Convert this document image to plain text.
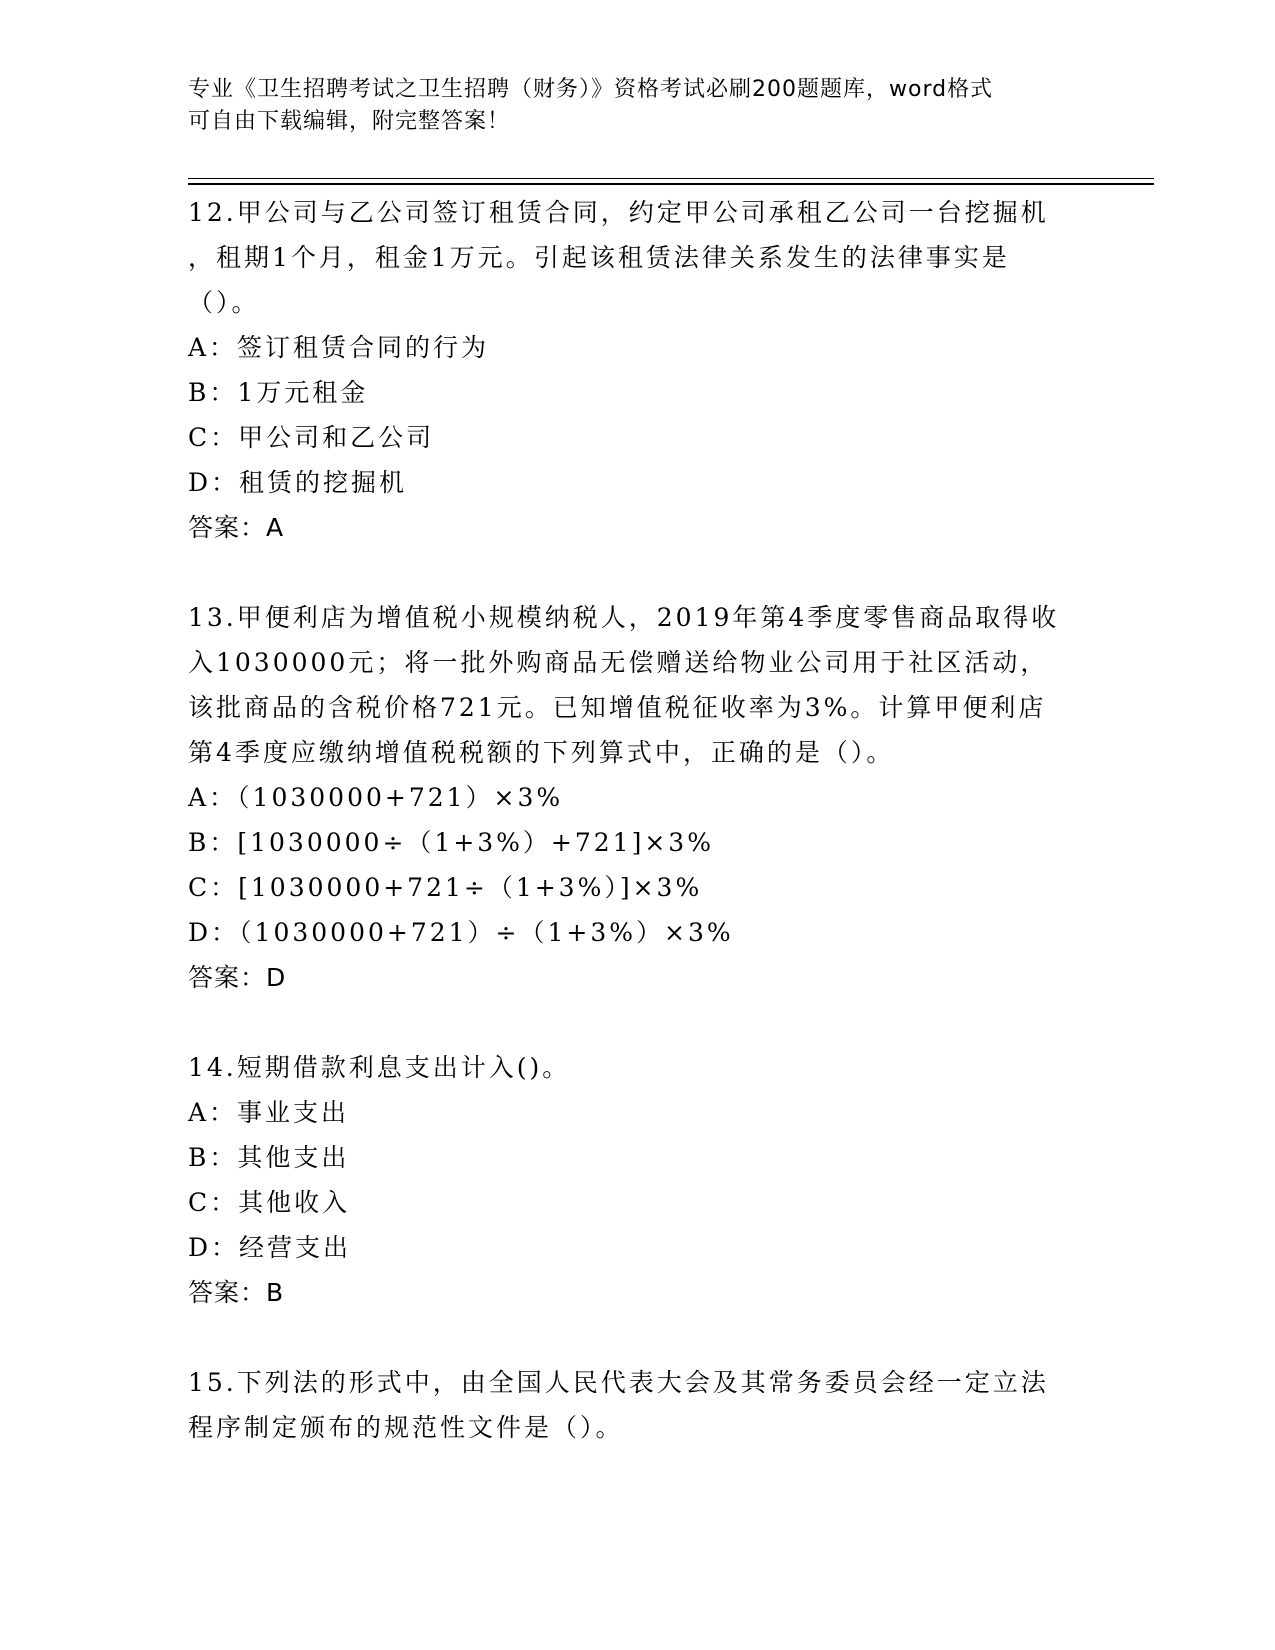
专业《卫生招聘考试之卫生招聘（财务）》资格考试必刷200题题库，word格式
可自由下载编辑，附完整答案！
12.甲公司与乙公司签订租赁合同，约定甲公司承租乙公司一台挖掘机
，租期1个月，租金1万元。引起该租赁法律关系发生的法律事实是
（）。
A：签订租赁合同的行为
B：1万元租金
C：甲公司和乙公司
D：租赁的挖掘机
答案：A
13.甲便利店为增值税小规模纳税人，2019年第4季度零售商品取得收
入1030000元；将一批外购商品无偿赠送给物业公司用于社区活动，
该批商品的含税价格721元。已知增值税征收率为3%。计算甲便利店
第4季度应缴纳增值税税额的下列算式中，正确的是（）。
A：（1030000+721）×3%
B：[1030000÷（1+3%）+721]×3%
C：[1030000+721÷（1+3%）]×3%
D：（1030000+721）÷（1+3%）×3%
答案：D
14.短期借款利息支出计入()。
A：事业支出
B：其他支出
C：其他收入
D：经营支出
答案：B
15.下列法的形式中，由全国人民代表大会及其常务委员会经一定立法
程序制定颁布的规范性文件是（）。
